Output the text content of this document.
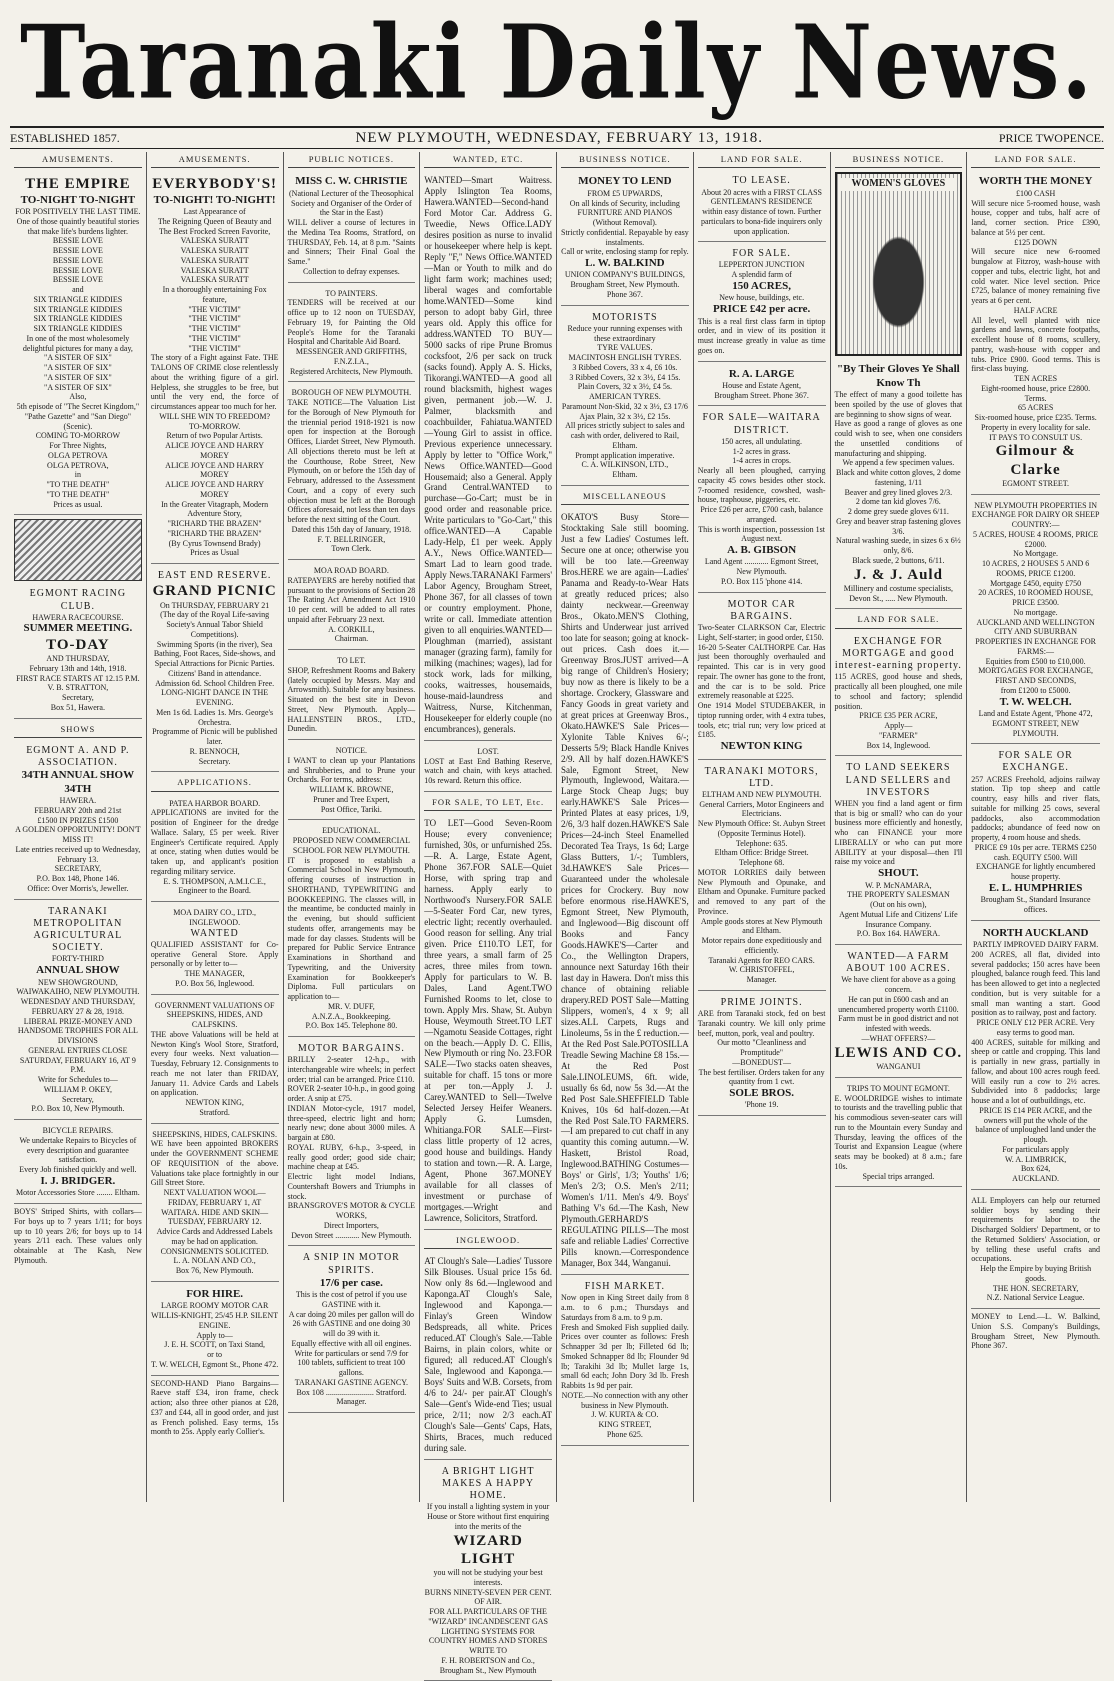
Taranaki Daily News.
ESTABLISHED 1857.	NEW PLYMOUTH, WEDNESDAY, FEBRUARY 13, 1918.	PRICE TWOPENCE.
AMUSEMENTS.
THE EMPIRE
TO-NIGHT TO-NIGHT
FOR POSITIVELY THE LAST TIME.
One of those quaintly beautiful stories that make life's burdens lighter.
BESSIE LOVE
BESSIE LOVE
BESSIE LOVE
BESSIE LOVE
BESSIE LOVE
and
SIX TRIANGLE KIDDIES
SIX TRIANGLE KIDDIES
SIX TRIANGLE KIDDIES
SIX TRIANGLE KIDDIES
In one of the most wholesomely delightful pictures for many a day,
"A SISTER OF SIX"
"A SISTER OF SIX"
"A SISTER OF SIX"
"A SISTER OF SIX"
Also,
5th episode of "The Secret Kingdom," "Pathe Gazette" and "San Diego" (Scenic).
COMING TO-MORROW
For Three Nights,
OLGA PETROVA
OLGA PETROVA,
in
"TO THE DEATH"
"TO THE DEATH"
Prices as usual.
EGMONT RACING CLUB.
HAWERA RACECOURSE.
SUMMER MEETING.
TO-DAY
AND THURSDAY,
February 13th and 14th, 1918.
FIRST RACE STARTS AT 12.15 P.M.
V. B. STRATTON,
Secretary,
Box 51, Hawera.
SHOWS
EGMONT A. AND P. ASSOCIATION.
34TH ANNUAL SHOW 34TH
HAWERA.
FEBRUARY 20th and 21st
£1500 IN PRIZES £1500
A GOLDEN OPPORTUNITY! DON'T MISS IT!
Late entries received up to Wednesday, February 13.
SECRETARY,
P.O. Box 148, Phone 146.
Office: Over Morris's, Jeweller.
TARANAKI METROPOLITAN AGRICULTURAL SOCIETY.
FORTY-THIRD
ANNUAL SHOW
NEW SHOWGROUND, WAIWAKAIHO, NEW PLYMOUTH.
WEDNESDAY AND THURSDAY, FEBRUARY 27 & 28, 1918.
LIBERAL PRIZE-MONEY AND HANDSOME TROPHIES FOR ALL DIVISIONS
GENERAL ENTRIES CLOSE SATURDAY, FEBRUARY 16, AT 9 P.M.
Write for Schedules to—
WILLIAM P. OKEY,
Secretary,
P.O. Box 10, New Plymouth.
BICYCLE REPAIRS.
We undertake Repairs to Bicycles of every description and guarantee satisfaction.
Every Job finished quickly and well.
I. J. BRIDGER.
Motor Accessories Store ........ Eltham.
BOYS' Striped Shirts, with collars—For boys up to 7 years 1/11; for boys up to 10 years 2/6; for boys up to 14 years 2/11 each. These values only obtainable at The Kash, New Plymouth.
AMUSEMENTS.
EVERYBODY'S!
TO-NIGHT! TO-NIGHT!
Last Appearance of
The Reigning Queen of Beauty and The Best Frocked Screen Favorite,
VALESKA SURATT
VALESKA SURATT
VALESKA SURATT
VALESKA SURATT
VALESKA SURATT
In a thoroughly entertaining Fox feature,
"THE VICTIM"
"THE VICTIM"
"THE VICTIM"
"THE VICTIM"
"THE VICTIM"
The story of a Fight against Fate. THE TALONS OF CRIME close relentlessly about the writhing figure of a girl. Helpless, she struggles to be free, but until the very end, the force of circumstances appear too much for her.
WILL SHE WIN TO FREEDOM?
TO-MORROW.
Return of two Popular Artists.
ALICE JOYCE AND HARRY MOREY
ALICE JOYCE AND HARRY MOREY
ALICE JOYCE AND HARRY MOREY
In the Greater Vitagraph, Modern Adventure Story,
"RICHARD THE BRAZEN"
"RICHARD THE BRAZEN"
(By Cyrus Townsend Brady)
Prices as Usual
EAST END RESERVE.
GRAND PICNIC
On THURSDAY, FEBRUARY 21
(The day of the Royal Life-saving Society's Annual Tabor Shield Competitions).
Swimming Sports (in the river), Sea Bathing, Foot Races, Side-shows, and Special Attractions for Picnic Parties. Citizens' Band in attendance.
Admission 6d. School Children Free.
LONG-NIGHT DANCE IN THE EVENING.
Men 1s 6d. Ladies 1s. Mrs. George's Orchestra.
Programme of Picnic will be published later.
R. BENNOCH,
Secretary.
APPLICATIONS.
PATEA HARBOR BOARD.
APPLICATIONS are invited for the position of Engineer for the dredge Wallace. Salary, £5 per week. River Engineer's Certificate required. Apply at once, stating when duties would be taken up, and applicant's position regarding military service.
E. S. THOMPSON, A.M.I.C.E.,
Engineer to the Board.
MOA DAIRY CO., LTD., INGLEWOOD.
WANTED
QUALIFIED ASSISTANT for Co-operative General Store. Apply personally or by letter to—
THE MANAGER,
P.O. Box 56, Inglewood.
GOVERNMENT VALUATIONS OF SHEEPSKINS, HIDES, AND CALFSKINS.
THE above Valuations will be held at Newton King's Wool Store, Stratford, every four weeks. Next valuation—Tuesday, February 12. Consignments to reach me not later than FRIDAY, January 11. Advice Cards and Labels on application.
NEWTON KING,
Stratford.
SHEEPSKINS, HIDES, CALFSKINS.
WE have been appointed BROKERS under the GOVERNMENT SCHEME OF REQUISITION of the above. Valuations take place fortnightly in our Gill Street Store.
NEXT VALUATION WOOL—FRIDAY, FEBRUARY 1, AT WAITARA. HIDE AND SKIN—TUESDAY, FEBRUARY 12.
Advice Cards and Addressed Labels may be had on application.
CONSIGNMENTS SOLICITED.
L. A. NOLAN AND CO.,
Box 76, New Plymouth.
FOR HIRE.
LARGE ROOMY MOTOR CAR
WILLIS-KNIGHT, 25/45 H.P. SILENT ENGINE.
Apply to—
J. E. H. SCOTT, on Taxi Stand,
or to
T. W. WELCH, Egmont St., Phone 472.
SECOND-HAND Piano Bargains—Raeve staff £34, iron frame, check action; also three other pianos at £28, £37 and £44, all in good order, and just as French polished. Easy terms, 15s month to 25s. Apply early Collier's.
PUBLIC NOTICES.
MISS C. W. CHRISTIE
(National Lecturer of the Theosophical Society and Organiser of the Order of the Star in the East)
WILL deliver a course of lectures in the Medina Tea Rooms, Stratford, on THURSDAY, Feb. 14, at 8 p.m. "Saints and Sinners; Their Final Goal the Same."
Collection to defray expenses.
TO PAINTERS.
TENDERS will be received at our office up to 12 noon on TUESDAY, February 19, for Painting the Old People's Home for the Taranaki Hospital and Charitable Aid Board.
MESSENGER AND GRIFFITHS, F.N.Z.I.A.,
Registered Architects, New Plymouth.
BOROUGH OF NEW PLYMOUTH.
TAKE NOTICE—The Valuation List for the Borough of New Plymouth for the triennial period 1918-1921 is now open for inspection at the Borough Offices, Liardet Street, New Plymouth. All objections thereto must be left at the Courthouse, Robe Street, New Plymouth, on or before the 15th day of February, addressed to the Assessment Court, and a copy of every such objection must be left at the Borough Offices aforesaid, not less than ten days before the next sitting of the Court.
Dated this 15th day of January, 1918.
F. T. BELLRINGER,
Town Clerk.
MOA ROAD BOARD.
RATEPAYERS are hereby notified that pursuant to the provisions of Section 28 The Rating Act Amendment Act 1910 10 per cent. will be added to all rates unpaid after February 23 next.
A. CORKILL,
Chairman.
TO LET.
SHOP, Refreshment Rooms and Bakery (lately occupied by Messrs. May and Arrowsmith). Suitable for any business. Situated on the best site in Devon Street, New Plymouth. Apply—HALLENSTEIN BROS., LTD., Dunedin.
NOTICE.
I WANT to clean up your Plantations and Shrubberies, and to Prune your Orchards. For terms, address:
WILLIAM K. BROWNE,
Pruner and Tree Expert,
Post Office, Tariki.
EDUCATIONAL.
PROPOSED NEW COMMERCIAL SCHOOL FOR NEW PLYMOUTH.
IT is proposed to establish a Commercial School in New Plymouth, offering courses of instruction in SHORTHAND, TYPEWRITING and BOOKKEEPING. The classes will, in the meantime, be conducted mainly in the evening, but should sufficient students offer, arrangements may be made for day classes. Students will be prepared for Public Service Entrance Examinations in Shorthand and Typewriting, and the University Examination for Bookkeeper's Diploma. Full particulars on application to—
MR. V. DUFF,
A.N.Z.A., Bookkeeping.
P.O. Box 145. Telephone 80.
MOTOR BARGAINS.
BRILLY 2-seater 12-h.p., with interchangeable wire wheels; in perfect order; trial can be arranged. Price £110.
ROVER 2-seater 10-h.p., in good going order. A snip at £75.
INDIAN Motor-cycle, 1917 model, three-speed, electric light and horn; nearly new; done about 3000 miles. A bargain at £80.
ROYAL RUBY, 6-h.p., 3-speed, in really good order; good side chair; machine cheap at £45.
Electric light model Indians, Countershaft Bowers and Triumphs in stock.
BRANSGROVE'S MOTOR & CYCLE WORKS,
Direct Importers,
Devon Street ............ New Plymouth.
A SNIP IN MOTOR SPIRITS.
17/6 per case.
This is the cost of petrol if you use GASTINE with it.
A car doing 20 miles per gallon will do 26 with GASTINE and one doing 30 will do 39 with it.
Equally effective with all oil engines.
Write for particulars or send 7/9 for 100 tablets, sufficient to treat 100 gallons.
TARANAKI GASTINE AGENCY.
Box 108 ........................ Stratford.
Manager.
WANTED, ETC.
WANTED—Smart Waitress. Apply Islington Tea Rooms, Hawera.WANTED—Second-hand Ford Motor Car. Address G. Tweedie, News Office.LADY desires position as nurse to invalid or housekeeper where help is kept. Reply "F," News Office.WANTED—Man or Youth to milk and do light farm work; machines used; liberal wages and comfortable home.WANTED—Some kind person to adopt baby Girl, three years old. Apply this office for address.WANTED TO BUY—5000 sacks of ripe Prune Bromus cocksfoot, 2/6 per sack on truck (sacks found). Apply A. S. Hicks, Tikorangi.WANTED—A good all round blacksmith, highest wages given, permanent job.—W. J. Palmer, blacksmith and coachbuilder, Fahiatua.WANTED—Young Girl to assist in office. Previous experience unnecessary. Apply by letter to "Office Work," News Office.WANTED—Good Housemaid; also a General. Apply Grand Central.WANTED to purchase—Go-Cart; must be in good order and reasonable price. Write particulars to "Go-Cart," this office.WANTED—A Capable Lady-Help, £1 per week. Apply A.Y., News Office.WANTED—Smart Lad to learn good trade. Apply News.TARANAKI Farmers' Labor Agency, Brougham Street, Phone 367, for all classes of town or country employment. Phone, write or call. Immediate attention given to all enquiries.WANTED—Ploughman (married), assistant manager (grazing farm), family for milking (machines; wages), lad for stock work, lads for milking, cooks, waitresses, housemaids, house-maid-laundress and Waitress, Nurse, Kitchenman, Housekeeper for elderly couple (no encumbrances), generals.
LOST.
LOST at East End Bathing Reserve, watch and chain, with keys attached. 10s reward. Return this office.
FOR SALE, TO LET, Etc.
TO LET—Good Seven-Room House; every convenience; furnished, 30s, or unfurnished 25s.—R. A. Large, Estate Agent, Phone 367.FOR SALE—Quiet Horse, with spring trap and harness. Apply early to Northwood's Nursery.FOR SALE—5-Seater Ford Car, new tyres, electric light; recently overhauled. Good reason for selling. Any trial given. Price £110.TO LET, for three years, a small farm of 25 acres, three miles from town. Apply for particulars to W. B. Dales, Land Agent.TWO Furnished Rooms to let, close to town. Apply Mrs. Shaw, St. Aubyn House, Weymouth Street.TO LET—Ngamotu Seaside Cottages, right on the beach.—Apply D. C. Ellis, New Plymouth or ring No. 23.FOR SALE—Two stacks oaten sheaves, suitable for chaff. 15 tons or more at per ton.—Apply J. J. Carey.WANTED to Sell—Twelve Selected Jersey Heifer Weaners. Apply G. Lumsden, Whitianga.FOR SALE—First-class little property of 12 acres, good house and buildings. Handy to station and town.—R. A. Large, Agent, Phone 367.MONEY available for all classes of investment or purchase of mortgages.—Wright and Lawrence, Solicitors, Stratford.
INGLEWOOD.
AT Clough's Sale—Ladies' Tussore Silk Blouses. Usual price 15s 6d. Now only 8s 6d.—Inglewood and Kaponga.AT Clough's Sale, Inglewood and Kaponga.—Finlay's Green Window Bedspreads, all white. Prices reduced.AT Clough's Sale.—Table Bairns, in plain colors, white or figured; all reduced.AT Clough's Sale, Inglewood and Kaponga.—Boys' Suits and W.B. Corsets, from 4/6 to 24/- per pair.AT Clough's Sale—Gent's Wide-end Ties; usual price, 2/11; now 2/3 each.AT Clough's Sale—Gents' Caps, Hats, Shirts, Braces, much reduced during sale.
A BRIGHT LIGHT MAKES A HAPPY HOME.
If you install a lighting system in your House or Store without first enquiring into the merits of the
WIZARD LIGHT
you will not be studying your best interests.
BURNS NINETY-SEVEN PER CENT. OF AIR.
FOR ALL PARTICULARS OF THE "WIZARD" INCANDESCENT GAS LIGHTING SYSTEMS FOR COUNTRY HOMES AND STORES WRITE TO
F. H. ROBERTSON and Co.,
Brougham St., New Plymouth
BUSINESS NOTICE.
MONEY TO LEND
FROM £5 UPWARDS,
On all kinds of Security, including
FURNITURE AND PIANOS
(Without Removal).
Strictly confidential. Repayable by easy instalments.
Call or write, enclosing stamp for reply.
L. W. BALKIND
UNION COMPANY'S BUILDINGS,
Brougham Street, New Plymouth.
Phone 367.
MOTORISTS
Reduce your running expenses with these extraordinary
TYRE VALUES.
MACINTOSH ENGLISH TYRES.
3 Ribbed Covers, 33 x 4, £6 10s.
3 Ribbed Covers, 32 x 3½, £4 15s.
Plain Covers, 32 x 3½, £4 5s.
AMERICAN TYRES.
Paramount Non-Skid, 32 x 3½, £3 17/6
Ajax Plain, 32 x 3½, £2 15s.
All prices strictly subject to sales and cash with order, delivered to Rail, Eltham.
Prompt application imperative.
C. A. WILKINSON, LTD.,
Eltham.
MISCELLANEOUS
OKATO'S Busy Store—Stocktaking Sale still booming. Just a few Ladies' Costumes left. Secure one at once; otherwise you will be too late.—Greenway Bros.HERE we are again—Ladies' Panama and Ready-to-Wear Hats at greatly reduced prices; also dainty neckwear.—Greenway Bros., Okato.MEN'S Clothing, Shirts and Underwear just arrived too late for season; going at knock-out prices. Cash does it.—Greenway Bros.JUST arrived—A big range of Children's Hosiery; buy now as there is likely to be a shortage. Crockery, Glassware and Fancy Goods in great variety and at great prices at Greenway Bros., Okato.HAWKE'S Sale Prices—Xylonite Table Knives 6/-; Desserts 5/9; Black Handle Knives 2/9. All by half dozen.HAWKE'S Sale, Egmont Street, New Plymouth, Inglewood, Waitara.—Large Stock Cheap Jugs; buy early.HAWKE'S Sale Prices—Printed Plates at easy prices, 1/9, 2/6, 3/3 half dozen.HAWKE'S Sale Prices—24-inch Steel Enamelled Decorated Tea Trays, 1s 6d; Large Glass Butters, 1/-; Tumblers, 3d.HAWKE'S Sale Prices—Guaranteed under the wholesale prices for Crockery. Buy now before enormous rise.HAWKE'S, Egmont Street, New Plymouth, and Inglewood—Big discount off Books and Fancy Goods.HAWKE'S—Carter and Co., the Wellington Drapers, announce next Saturday 16th their last day in Hawera. Don't miss this chance of obtaining reliable drapery.RED POST Sale—Matting Slippers, women's, 4 x 9; all sizes.ALL Carpets, Rugs and Linoleums, 5s in the £ reduction.—At the Red Post Sale.POTOSILLA Treadle Sewing Machine £8 15s.—At the Red Post Sale.LINOLEUMS, 6ft. wide, usually 6s 6d, now 5s 3d.—At the Red Post Sale.SHEFFIELD Table Knives, 10s 6d half-dozen.—At the Red Post Sale.TO FARMERS.—I am prepared to cut chaff in any quantity this coming autumn.—W. Haskett, Bristol Road, Inglewood.BATHING Costumes—Boys' or Girls', 1/3; Youths' 1/6; Men's 2/3; O.S. Men's 2/11; Women's 1/11. Men's 4/9. Boys' Bathing V's 6d.—The Kash, New Plymouth.GERHARD'S REGULATING PILLS—The most safe and reliable Ladies' Corrective Pills known.—Correspondence Manager, Box 344, Wanganui.
FISH MARKET.
Now open in King Street daily from 8 a.m. to 6 p.m.; Thursdays and Saturdays from 8 a.m. to 9 p.m.
Fresh and Smoked Fish supplied daily. Prices over counter as follows: Fresh Schnapper 3d per lb; Filleted 6d lb; Smoked Schnapper 8d lb; Flounder 9d lb; Tarakihi 3d lb; Mullet large 1s, small 6d each; John Dory 3d lb. Fresh Rabbits 1s 9d per pair.
NOTE.—No connection with any other business in New Plymouth.
J. W. KURTA & CO.
KING STREET,
Phone 625.
LAND FOR SALE.
TO LEASE.
About 20 acres with a FIRST CLASS GENTLEMAN'S RESIDENCE
within easy distance of town. Further particulars to bona-fide inquirers only upon application.
FOR SALE.
LEPPERTON JUNCTION
A splendid farm of
150 ACRES,
New house, buildings, etc.
PRICE £42 per acre.
This is a real first class farm in tiptop order, and in view of its position it must increase greatly in value as time goes on.
R. A. LARGE
House and Estate Agent,
Brougham Street. Phone 367.
FOR SALE—WAITARA DISTRICT.
150 acres, all undulating.
1-2 acres in grass.
1-4 acres in crops.
Nearly all been ploughed, carrying capacity 45 cows besides other stock. 7-roomed residence, cowshed, wash-house, traphouse, piggeries, etc.
Price £26 per acre, £700 cash, balance arranged.
This is worth inspection, possession 1st August next.
A. B. GIBSON
Land Agent ............ Egmont Street, New Plymouth.
P.O. Box 115 'phone 414.
MOTOR CAR BARGAINS.
Two-Seater CLARKSON Car, Electric Light, Self-starter; in good order, £150.
16-20 5-Seater CALTHORPE Car. Has just been thoroughly overhauled and repainted. This car is in very good repair. The owner has gone to the front, and the car is to be sold. Price extremely reasonable at £225.
One 1914 Model STUDEBAKER, in tiptop running order, with 4 extra tubes, tools, etc; trial run; very low priced at £185.
NEWTON KING
TARANAKI MOTORS, LTD.
ELTHAM AND NEW PLYMOUTH.
General Carriers, Motor Engineers and Electricians.
New Plymouth Office: St. Aubyn Street (Opposite Terminus Hotel).
Telephone: 635.
Eltham Office: Bridge Street. Telephone 68.
MOTOR LORRIES daily between New Plymouth and Opunake, and Eltham and Opunake. Furniture packed and removed to any part of the Province.
Ample goods stores at New Plymouth and Eltham.
Motor repairs done expeditiously and efficiently.
Taranaki Agents for REO CARS.
W. CHRISTOFFEL,
Manager.
PRIME JOINTS.
ARE from Taranaki stock, fed on best Taranaki country. We kill only prime beef, mutton, pork, veal and poultry.
Our motto "Cleanliness and Promptitude"
—BONEDUST—
The best fertiliser. Orders taken for any quantity from 1 cwt.
SOLE BROS.
'Phone 19.
BUSINESS NOTICE.
WOMEN'S GLOVES
"By Their Gloves Ye Shall Know Th
The effect of many a good toilette has been spoiled by the use of gloves that are beginning to show signs of wear.
Have as good a range of gloves as one could wish to see, when one considers the unsettled conditions of manufacturing and shipping.
We append a few specimen values.
Black and white cotton gloves, 2 dome fastening, 1/11
Beaver and grey lined gloves 2/3.
2 dome tan kid gloves 7/6.
2 dome grey suede gloves 6/11.
Grey and beaver strap fastening gloves 3/6.
Natural washing suede, in sizes 6 x 6½ only, 8/6.
Black suede, 2 buttons, 6/11.
J. & J. Auld
Millinery and costume specialists,
Devon St., ..... New Plymouth.
LAND FOR SALE.
EXCHANGE FOR MORTGAGE and good interest-earning property.
115 ACRES, good house and sheds, practically all been ploughed, one mile to school and factory; splendid position.
PRICE £35 PER ACRE,
Apply—
"FARMER"
Box 14, Inglewood.
TO LAND SEEKERS
LAND SELLERS and
INVESTORS
WHEN you find a land agent or firm that is big or small? who can do your business more efficiently and honestly, who can FINANCE your more LIBERALLY or who can put more ABILITY at your disposal—then I'll raise my voice and
SHOUT.
W. P. McNAMARA,
THE PROPERTY SALESMAN
(Out on his own),
Agent Mutual Life and Citizens' Life Insurance Company.
P.O. Box 164. HAWERA.
WANTED—A FARM ABOUT 100 ACRES.
We have client for above as a going concern.
He can put in £600 cash and an unencumbered property worth £1100.
Farm must be in good district and not infested with weeds.
—WHAT OFFERS?—
LEWIS AND CO.
WANGANUI
TRIPS TO MOUNT EGMONT.
E. WOOLDRIDGE wishes to intimate to tourists and the travelling public that his commodious seven-seater cars will run to the Mountain every Sunday and Thursday, leaving the offices of the Tourist and Expansion League (where seats may be booked) at 8 a.m.; fare 10s.
Special trips arranged.
LAND FOR SALE.
WORTH THE MONEY
£100 CASH
Will secure nice 5-roomed house, wash house, copper and tubs, half acre of land, corner section. Price £390, balance at 5½ per cent.
£125 DOWN
Will secure nice new 6-roomed bungalow at Fitzroy, wash-house with copper and tubs, electric light, hot and cold water. Nice level section. Price £725, balance of money remaining five years at 6 per cent.
HALF ACRE
All level, well planted with nice gardens and lawns, concrete footpaths, excellent house of 8 rooms, scullery, pantry, wash-house with copper and tubs. Price £900. Good terms. This is first-class buying.
TEN ACRES
Eight-roomed house, price £2800. Terms.
65 ACRES
Six-roomed house, price £235. Terms.
Property in every locality for sale.
IT PAYS TO CONSULT US.
Gilmour & Clarke
EGMONT STREET.
NEW PLYMOUTH PROPERTIES IN EXCHANGE FOR DAIRY OR SHEEP COUNTRY:—
5 ACRES, HOUSE 4 ROOMS, PRICE £2000.
No Mortgage.
10 ACRES, 2 HOUSES 5 AND 6 ROOMS, PRICE £1200.
Mortgage £450, equity £750
20 ACRES, 10 ROOMED HOUSE, PRICE £3500.
No mortgage.
AUCKLAND AND WELLINGTON CITY AND SUBURBAN PROPERTIES IN EXCHANGE FOR FARMS:—
Equities from £500 to £10,000.
MORTGAGES FOR EXCHANGE, FIRST AND SECONDS,
from £1200 to £5000.
T. W. WELCH.
Land and Estate Agent, 'Phone 472, EGMONT STREET, NEW PLYMOUTH.
FOR SALE OR EXCHANGE.
257 ACRES Freehold, adjoins railway station. Tip top sheep and cattle country, easy hills and river flats, suitable for milking 25 cows, several paddocks, also accommodation paddocks; abundance of feed now on property, 4 room house and sheds.
PRICE £9 10s per acre. TERMS £250 cash. EQUITY £500. Will EXCHANGE for lightly encumbered house property.
E. L. HUMPHRIES
Brougham St., Standard Insurance offices.
NORTH AUCKLAND
PARTLY IMPROVED DAIRY FARM.
200 ACRES, all flat, divided into several paddocks; 150 acres have been ploughed, balance rough feed. This land has been allowed to get into a neglected condition, but is very suitable for a small man wanting a start. Good position as to railway, post and factory.
PRICE ONLY £12 PER ACRE. Very easy terms to good man.
400 ACRES, suitable for milking and sheep or cattle and cropping. This land is partially in new grass, partially in fallow, and about 100 acres rough feed. Will easily run a cow to 2½ acres. Subdivided into 8 paddocks; large house and a lot of outbuildings, etc.
PRICE IS £14 PER ACRE, and the owners will put the whole of the balance of unploughed land under the plough.
For particulars apply
W. A. LIMBRICK,
Box 624,
AUCKLAND.
ALL Employers can help our returned soldier boys by sending their requirements for labor to the Discharged Soldiers' Department, or to the Returned Soldiers' Association, or by telling these useful crafts and occupations.
Help the Empire by buying British goods.
THE HON. SECRETARY,
N.Z. National Service League.
MONEY to Lend.—L. W. Balkind, Union S.S. Company's Buildings, Brougham Street, New Plymouth. Phone 367.
